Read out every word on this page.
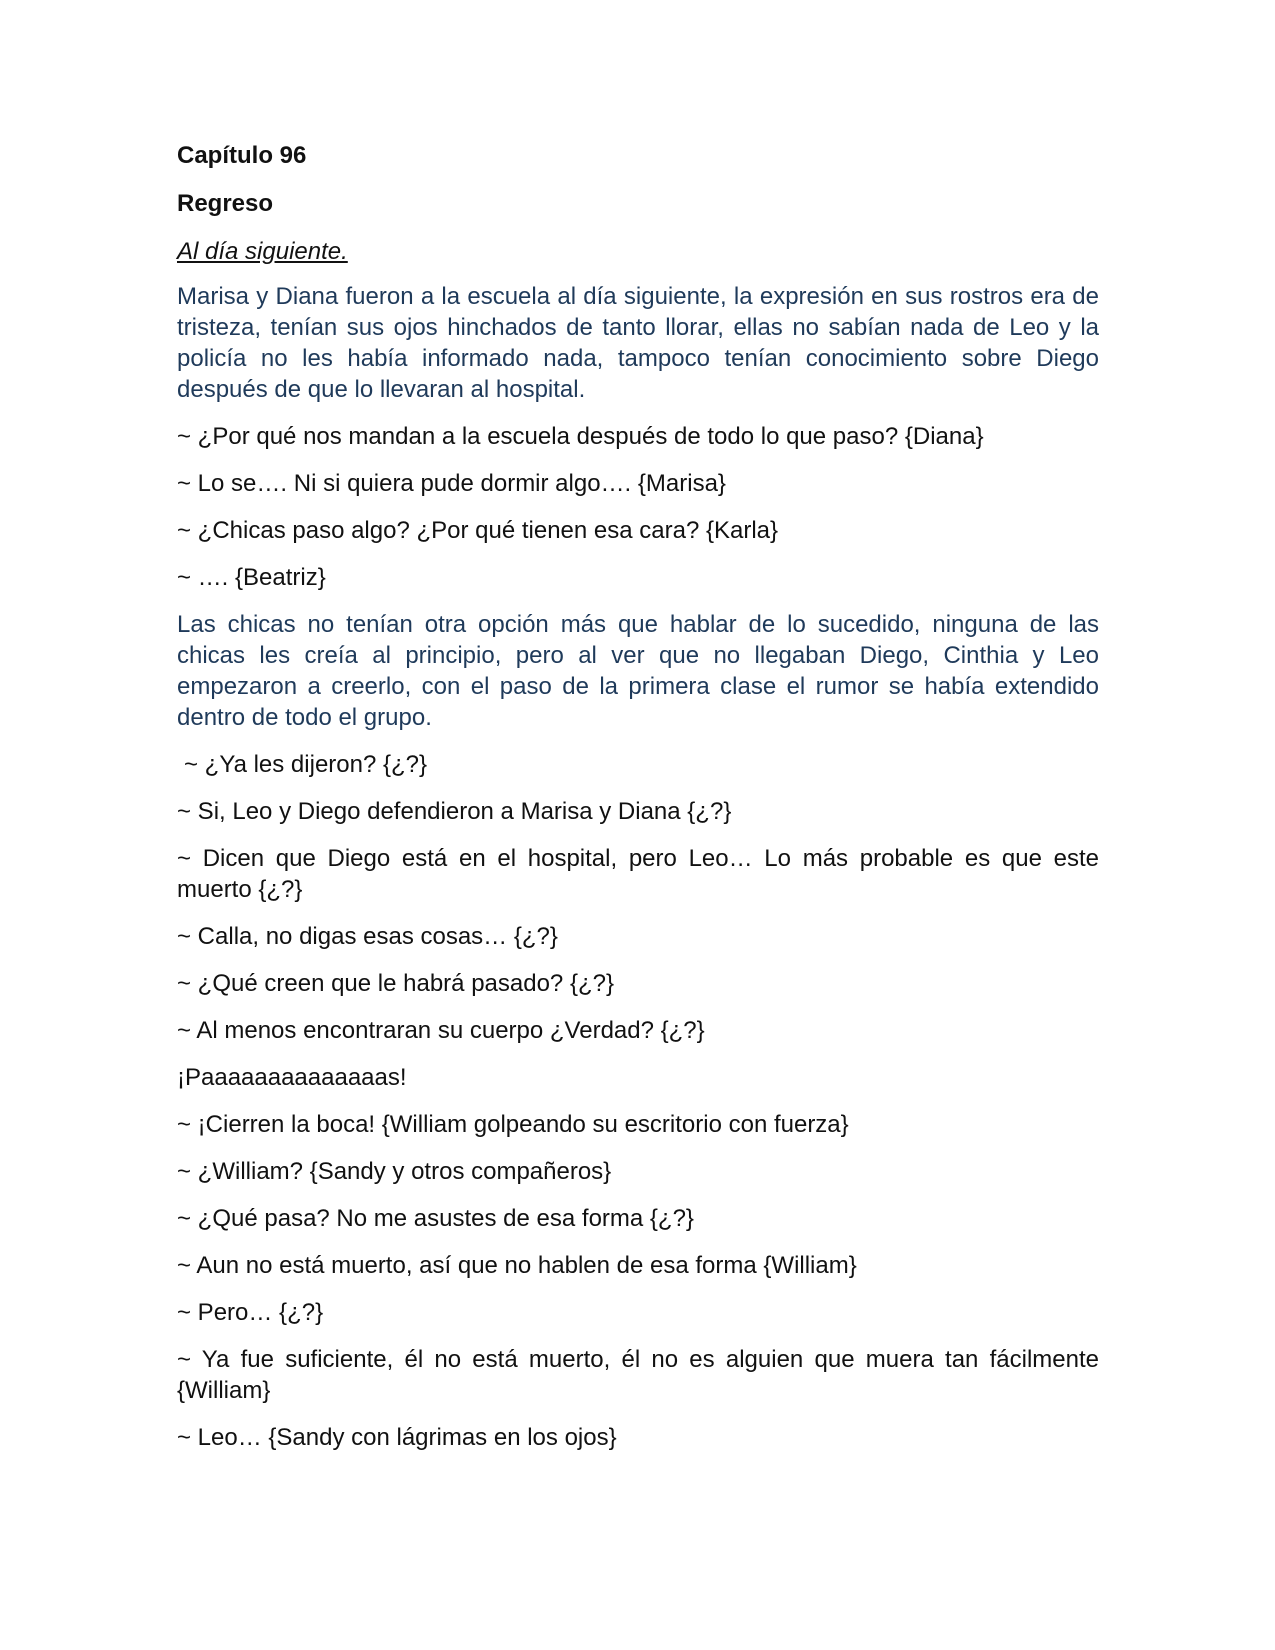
Capítulo 96
Regreso
Al día siguiente.
Marisa y Diana fueron a la escuela al día siguiente, la expresión en sus rostros era de tristeza, tenían sus ojos hinchados de tanto llorar, ellas no sabían nada de Leo y la policía no les había informado nada, tampoco tenían conocimiento sobre Diego después de que lo llevaran al hospital.
~ ¿Por qué nos mandan a la escuela después de todo lo que paso? {Diana}
~ Lo se…. Ni si quiera pude dormir algo…. {Marisa}
~ ¿Chicas paso algo? ¿Por qué tienen esa cara? {Karla}
~ …. {Beatriz}
Las chicas no tenían otra opción más que hablar de lo sucedido, ninguna de las chicas les creía al principio, pero al ver que no llegaban Diego, Cinthia y Leo empezaron a creerlo, con el paso de la primera clase el rumor se había extendido dentro de todo el grupo.
~ ¿Ya les dijeron? {¿?}
~ Si, Leo y Diego defendieron a Marisa y Diana {¿?}
~ Dicen que Diego está en el hospital, pero Leo… Lo más probable es que este muerto {¿?}
~ Calla, no digas esas cosas… {¿?}
~ ¿Qué creen que le habrá pasado? {¿?}
~ Al menos encontraran su cuerpo ¿Verdad? {¿?}
¡Paaaaaaaaaaaaaas!
~ ¡Cierren la boca! {William golpeando su escritorio con fuerza}
~ ¿William? {Sandy y otros compañeros}
~ ¿Qué pasa? No me asustes de esa forma {¿?}
~ Aun no está muerto, así que no hablen de esa forma {William}
~ Pero… {¿?}
~ Ya fue suficiente, él no está muerto, él no es alguien que muera tan fácilmente {William}
~ Leo… {Sandy con lágrimas en los ojos}
